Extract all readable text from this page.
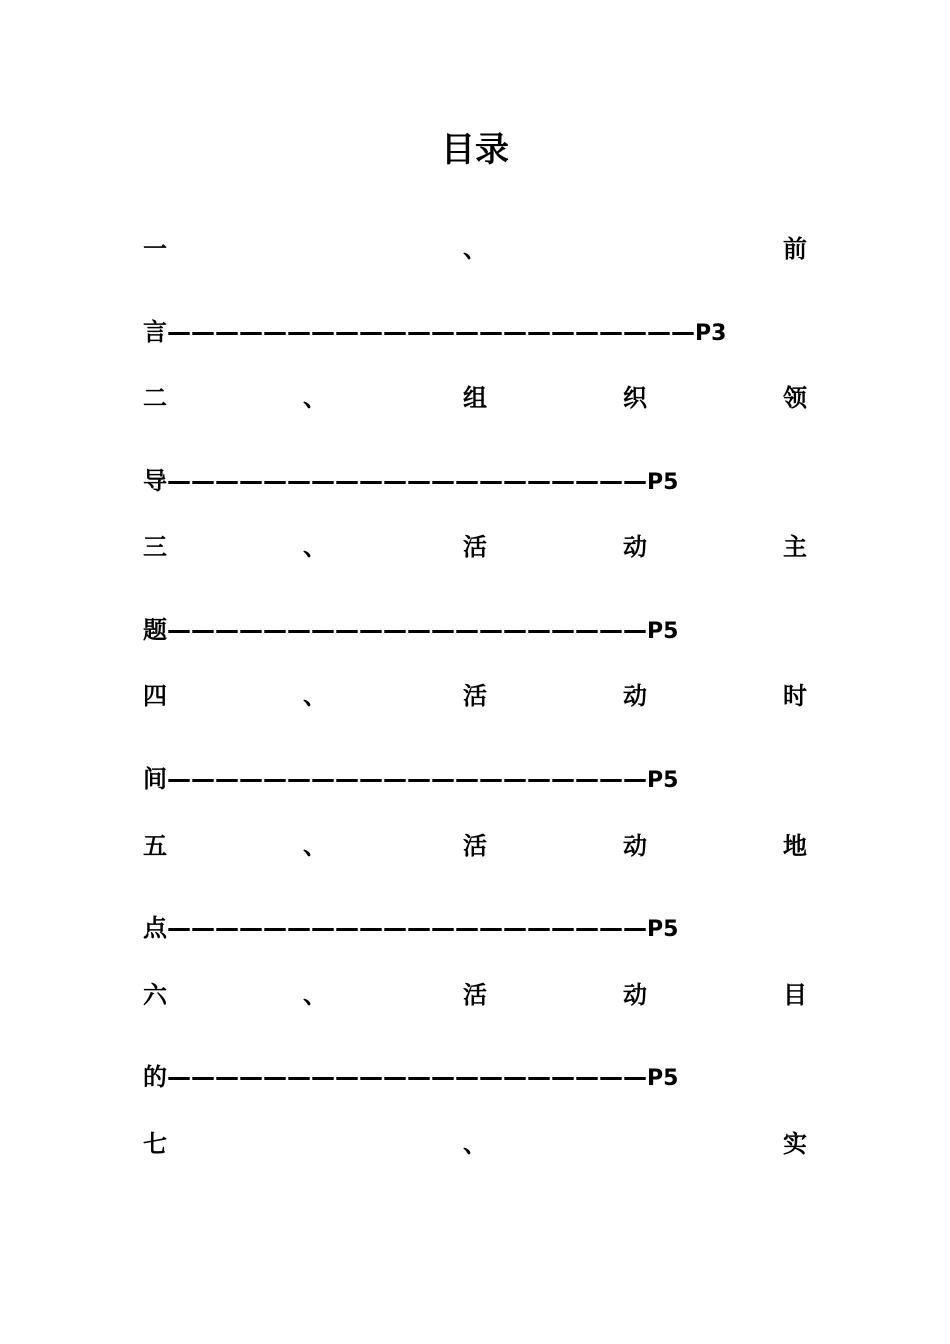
目录
一	、	前
言——————————————————————P3
二	、	组	织	领
导————————————————————P5
三	、	活	动	主
题————————————————————P5
四	、	活	动	时
间————————————————————P5
五	、	活	动	地
点————————————————————P5
六	、	活	动	目
的————————————————————P5
七	、	实
